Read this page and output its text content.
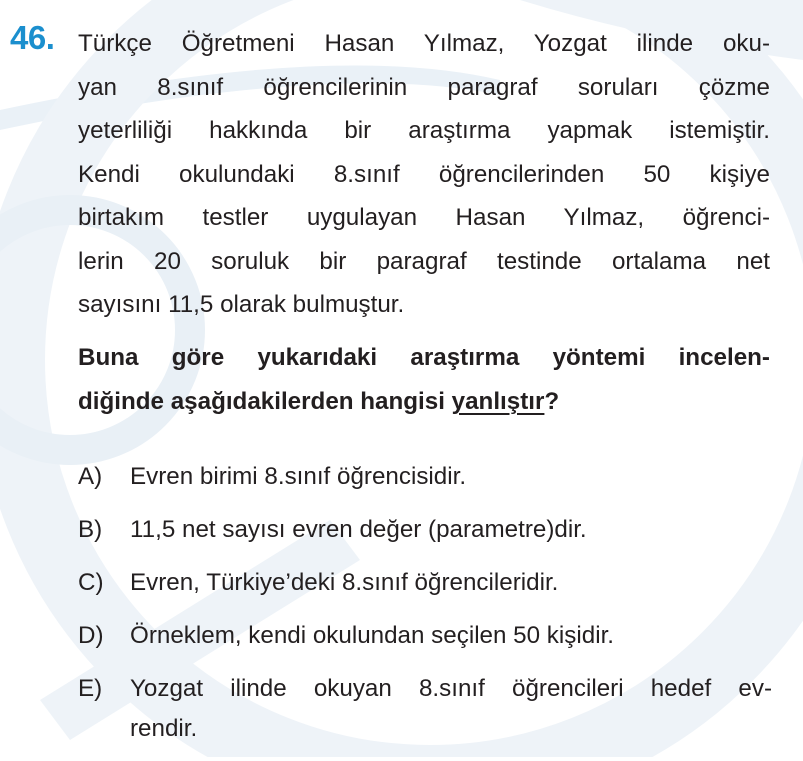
46. Türkçe Öğretmeni Hasan Yılmaz, Yozgat ilinde oku-
yan 8.sınıf öğrencilerinin paragraf soruları çözme
yeterliliği hakkında bir araştırma yapmak istemiştir.
Kendi okulundaki 8.sınıf öğrencilerinden 50 kişiye
birtakım testler uygulayan Hasan Yılmaz, öğrenci-
lerin 20 soruluk bir paragraf testinde ortalama net
sayısını 11,5 olarak bulmuştur.
Buna göre yukarıdaki araştırma yöntemi incelen-
diğinde aşağıdakilerden hangisi yanlıştır?
A)	Evren birimi 8.sınıf öğrencisidir.
B)	11,5 net sayısı evren değer (parametre)dir.
C)	Evren, Türkiye’deki 8.sınıf öğrencileridir.
D)	Örneklem, kendi okulundan seçilen 50 kişidir.
E)	Yozgat ilinde okuyan 8.sınıf öğrencileri hedef ev-
rendir.
